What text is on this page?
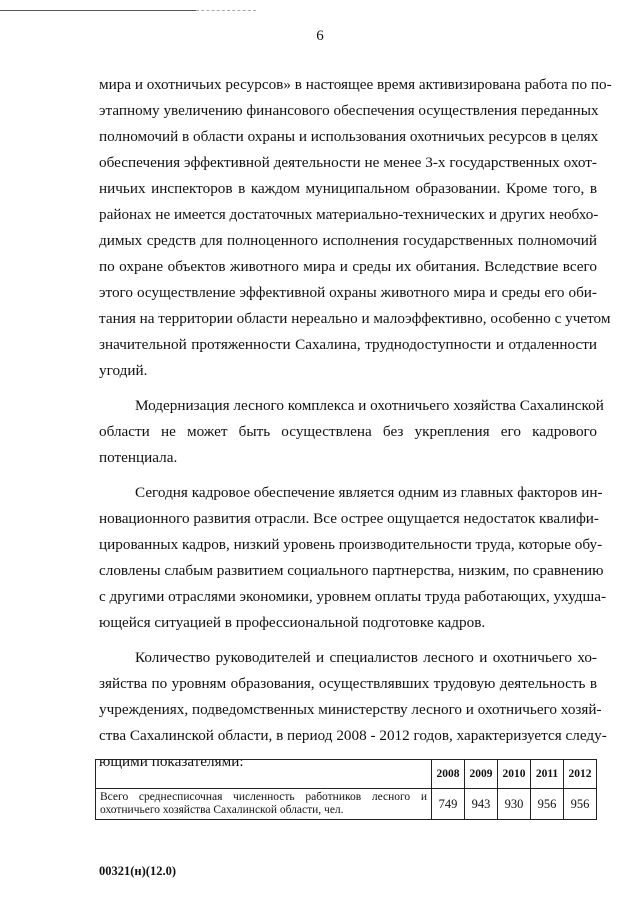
6

мира и охотничьих ресурсов» в настоящее время активизирована работа по по-
этапному увеличению финансового обеспечения осуществления переданных
полномочий в области охраны и использования охотничьих ресурсов в целях
обеспечения эффективной деятельности не менее 3-х государственных охот-
ничьих инспекторов в каждом муниципальном образовании. Кроме того, в
районах не имеется достаточных материально-технических и других необхо-
димых средств для полноценного исполнения государственных полномочий
по охране объектов животного мира и среды их обитания. Вследствие всего
этого осуществление эффективной охраны животного мира и среды его оби-
тания на территории области нереально и малоэффективно, особенно с учетом
значительной протяженности Сахалина, труднодоступности и отдаленности
угодий.

Модернизация лесного комплекса и охотничьего хозяйства Сахалинской
области не может быть осуществлена без укрепления его кадрового
потенциала.

Сегодня кадровое обеспечение является одним из главных факторов ин-
новационного развития отрасли. Все острее ощущается недостаток квалифи-
цированных кадров, низкий уровень производительности труда, которые обу-
словлены слабым развитием социального партнерства, низким, по сравнению
с другими отраслями экономики, уровнем оплаты труда работающих, ухудша-
ющейся ситуацией в профессиональной подготовке кадров.

Количество руководителей и специалистов лесного и охотничьего хо-
зяйства по уровням образования, осуществлявших трудовую деятельность в
учреждениях, подведомственных министерству лесного и охотничьего хозяй-
ства Сахалинской области, в период 2008 - 2012 годов, характеризуется следу-
ющими показателями:

	2008	2009	2010	2011	2012
Всего среднесписочная численность работников лесного и охотничьего хозяйства Сахалинской области, чел.	749	943	930	956	956
00321(н)(12.0)
